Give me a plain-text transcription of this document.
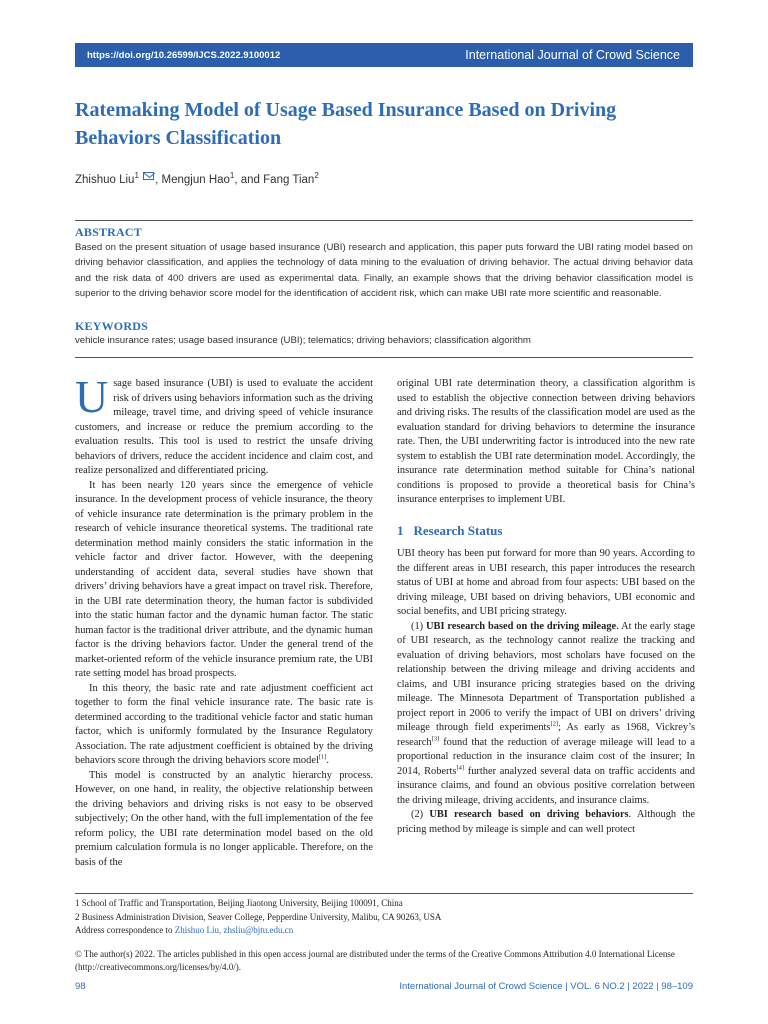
https://doi.org/10.26599/IJCS.2022.9100012	International Journal of Crowd Science
Ratemaking Model of Usage Based Insurance Based on Driving Behaviors Classification
Zhishuo Liu$^1$ , Mengjun Hao$^1$, and Fang Tian$^2$
ABSTRACT

Based on the present situation of usage based insurance (UBI) research and application, this paper puts forward the UBI rating model based on driving behavior classification, and applies the technology of data mining to the evaluation of driving behavior. The actual driving behavior data and the risk data of 400 drivers are used as experimental data. Finally, an example shows that the driving behavior classification model is superior to the driving behavior score model for the identification of accident risk, which can make UBI rate more scientific and reasonable.

KEYWORDS

vehicle insurance rates; usage based insurance (UBI); telematics; driving behaviors; classification algorithm

Usage based insurance (UBI) is used to evaluate the accident risk of drivers using behaviors information such as the driving mileage, travel time, and driving speed of vehicle insurance customers, and increase or reduce the premium according to the evaluation results. This tool is used to restrict the unsafe driving behaviors of drivers, reduce the accident incidence and claim cost, and realize personalized and differentiated pricing.

It has been nearly 120 years since the emergence of vehicle insurance. In the development process of vehicle insurance, the theory of vehicle insurance rate determination is the primary problem in the research of vehicle insurance theoretical systems. The traditional rate determination method mainly considers the static information in the vehicle factor and driver factor. However, with the deepening understanding of accident data, several studies have shown that drivers’ driving behaviors have a great impact on travel risk. Therefore, in the UBI rate determination theory, the human factor is subdivided into the static human factor and the dynamic human factor. The static human factor is the traditional driver attribute, and the dynamic human factor is the driving behaviors factor. Under the general trend of the market-oriented reform of the vehicle insurance premium rate, the UBI rate setting model has broad prospects.

In this theory, the basic rate and rate adjustment coefficient act together to form the final vehicle insurance rate. The basic rate is determined according to the traditional vehicle factor and static human factor, which is uniformly formulated by the Insurance Regulatory Association. The rate adjustment coefficient is obtained by the driving behaviors score through the driving behaviors score model[1].

This model is constructed by an analytic hierarchy process. However, on one hand, in reality, the objective relationship between the driving behaviors and driving risks is not easy to be observed subjectively; On the other hand, with the full implementation of the fee reform policy, the UBI rate determination model based on the old premium calculation formula is no longer applicable. Therefore, on the basis of the

original UBI rate determination theory, a classification algorithm is used to establish the objective connection between driving behaviors and driving risks. The results of the classification model are used as the evaluation standard for driving behaviors to determine the insurance rate. Then, the UBI underwriting factor is introduced into the new rate system to establish the UBI rate determination model. Accordingly, the insurance rate determination method suitable for China’s national conditions is proposed to provide a theoretical basis for China’s insurance enterprises to implement UBI.

1 Research Status

UBI theory has been put forward for more than 90 years. According to the different areas in UBI research, this paper introduces the research status of UBI at home and abroad from four aspects: UBI based on the driving mileage, UBI based on driving behaviors, UBI economic and social benefits, and UBI pricing strategy.

(1) UBI research based on the driving mileage. At the early stage of UBI research, as the technology cannot realize the tracking and evaluation of driving behaviors, most scholars have focused on the relationship between the driving mileage and driving accidents and claims, and UBI insurance pricing strategies based on the driving mileage. The Minnesota Department of Transportation published a project report in 2006 to verify the impact of UBI on drivers’ driving mileage through field experiments[2]; As early as 1968, Vickrey’s research[3] found that the reduction of average mileage will lead to a proportional reduction in the insurance claim cost of the insurer; In 2014, Roberts[4] further analyzed several data on traffic accidents and insurance claims, and found an obvious positive correlation between the driving mileage, driving accidents, and insurance claims.

(2) UBI research based on driving behaviors. Although the pricing method by mileage is simple and can well protect

1 School of Traffic and Transportation, Beijing Jiaotong University, Beijing 100091, China
2 Business Administration Division, Seaver College, Pepperdine University, Malibu, CA 90263, USA
Address correspondence to Zhishuo Liu, zhsliu@bjtu.edu.cn
© The author(s) 2022. The articles published in this open access journal are distributed under the terms of the Creative Commons Attribution 4.0 International License (http://creativecommons.org/licenses/by/4.0/).
98	International Journal of Crowd Science | VOL. 6 NO.2 | 2022 | 98–109
